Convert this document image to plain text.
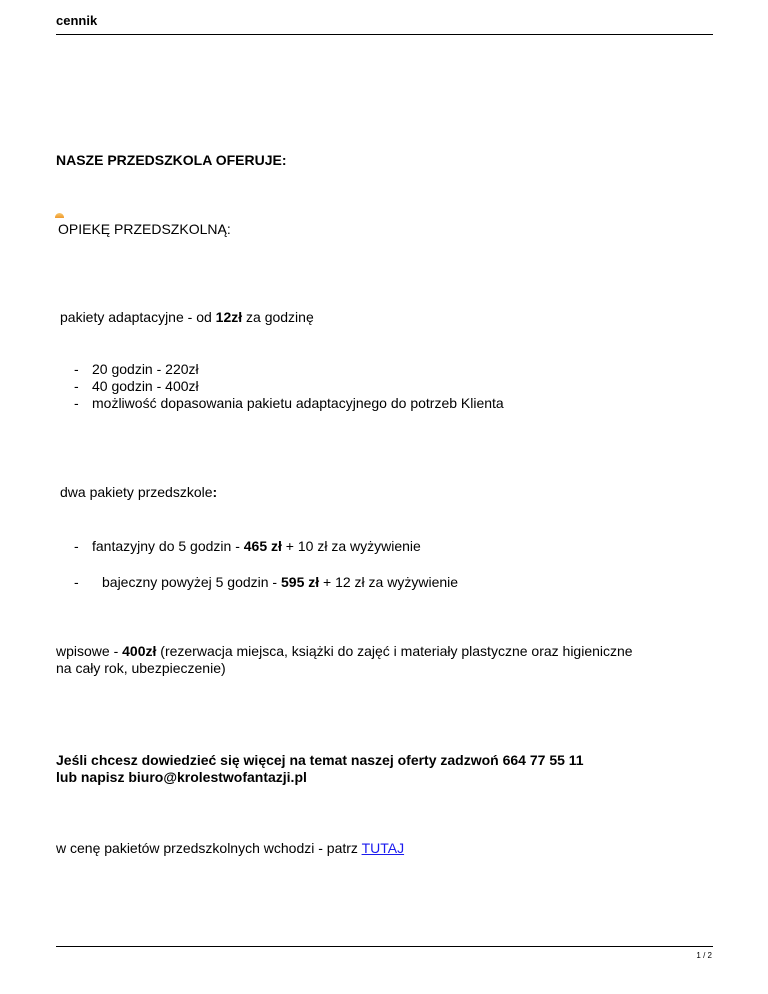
cennik
NASZE PRZEDSZKOLA OFERUJE:
OPIEKĘ PRZEDSZKOLNĄ:
pakiety adaptacyjne - od 12zł za godzinę
- 20 godzin - 220zł
- 40 godzin - 400zł
- możliwość dopasowania pakietu adaptacyjnego do potrzeb Klienta
dwa pakiety przedszkole:
- fantazyjny do 5 godzin - 465 zł + 10 zł za wyżywienie
- bajeczny powyżej 5 godzin - 595 zł + 12 zł za wyżywienie
wpisowe - 400zł (rezerwacja miejsca, książki do zajęć i materiały plastyczne oraz higieniczne
na cały rok, ubezpieczenie)
Jeśli chcesz dowiedzieć się więcej na temat naszej oferty zadzwoń 664 77 55 11
lub napisz biuro@krolestwofantazji.pl
w cenę pakietów przedszkolnych wchodzi - patrz TUTAJ
1 / 2
